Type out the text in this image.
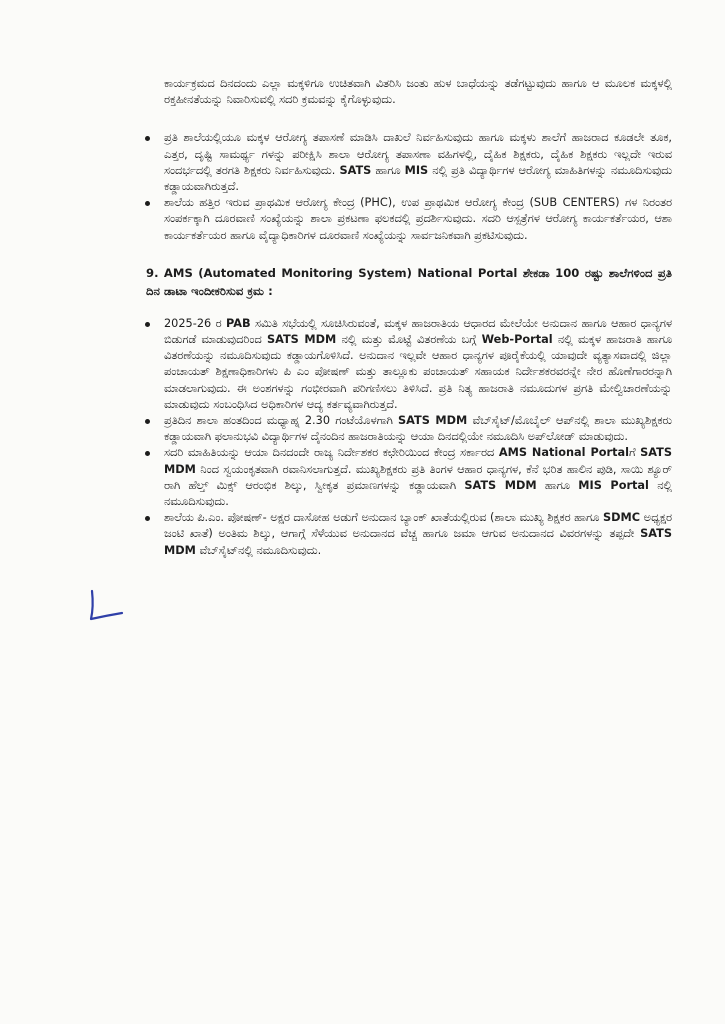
ಕಾರ್ಯಕ್ರಮದ ದಿನದಂದು ಎಲ್ಲಾ ಮಕ್ಕಳಿಗೂ ಉಚಿತವಾಗಿ ವಿತರಿಸಿ ಜಂತು ಹುಳ ಬಾಧೆಯನ್ನು ತಡೆಗಟ್ಟುವುದು ಹಾಗೂ ಆ ಮೂಲಕ ಮಕ್ಕಳಲ್ಲಿ ರಕ್ತಹೀನತೆಯನ್ನು ನಿವಾರಿಸುವಲ್ಲಿ ಸದರಿ ಕ್ರಮವನ್ನು ಕೈಗೊಳ್ಳುವುದು.

ಪ್ರತಿ ಶಾಲೆಯಲ್ಲಿಯೂ ಮಕ್ಕಳ ಆರೋಗ್ಯ ತಪಾಸಣೆ ಮಾಡಿಸಿ ದಾಖಲೆ ನಿರ್ವಹಿಸುವುದು ಹಾಗೂ ಮಕ್ಕಳು ಶಾಲೆಗೆ ಹಾಜರಾದ ಕೂಡಲೇ ತೂಕ, ಎತ್ತರ, ದೃಷ್ಟಿ ಸಾಮರ್ಥ್ಯ ಗಳನ್ನು ಪರೀಕ್ಷಿಸಿ ಶಾಲಾ ಆರೋಗ್ಯ ತಪಾಸಣಾ ವಹಿಗಳಲ್ಲಿ, ದೈಹಿಕ ಶಿಕ್ಷಕರು, ದೈಹಿಕ ಶಿಕ್ಷಕರು ಇಲ್ಲದೇ ಇರುವ ಸಂದರ್ಭದಲ್ಲಿ ತರಗತಿ ಶಿಕ್ಷಕರು ನಿರ್ವಹಿಸುವುದು. SATS ಹಾಗೂ MIS ನಲ್ಲಿ ಪ್ರತಿ ವಿದ್ಯಾರ್ಥಿಗಳ ಆರೋಗ್ಯ ಮಾಹಿತಿಗಳನ್ನು ನಮೂದಿಸುವುದು ಕಡ್ಡಾಯವಾಗಿರುತ್ತದೆ.
ಶಾಲೆಯ ಹತ್ತಿರ ಇರುವ ಪ್ರಾಥಮಿಕ ಆರೋಗ್ಯ ಕೇಂದ್ರ (PHC), ಉಪ ಪ್ರಾಥಮಿಕ ಆರೋಗ್ಯ ಕೇಂದ್ರ (SUB CENTERS) ಗಳ ನಿರಂತರ ಸಂಪರ್ಕಕ್ಕಾಗಿ ದೂರವಾಣಿ ಸಂಖ್ಯೆಯನ್ನು ಶಾಲಾ ಪ್ರಕಟಣಾ ಫಲಕದಲ್ಲಿ ಪ್ರದರ್ಶಿಸುವುದು. ಸದರಿ ಆಸ್ಪತ್ರೆಗಳ ಆರೋಗ್ಯ ಕಾರ್ಯಕರ್ತೆಯರ, ಆಶಾ ಕಾರ್ಯಕರ್ತೆಯರ ಹಾಗೂ ವೈದ್ಯಾಧಿಕಾರಿಗಳ ದೂರವಾಣಿ ಸಂಖ್ಯೆಯನ್ನು ಸಾರ್ವಜನಿಕವಾಗಿ ಪ್ರಕಟಿಸುವುದು.

9. AMS (Automated Monitoring System) National Portal ಶೇಕಡಾ 100 ರಷ್ಟು ಶಾಲೆಗಳಿಂದ ಪ್ರತಿ ದಿನ ಡಾಟಾ ಇಂದೀಕರಿಸುವ ಕ್ರಮ :

2025-26 ರ PAB ಸಮಿತಿ ಸಭೆಯಲ್ಲಿ ಸೂಚಿಸಿರುವಂತೆ, ಮಕ್ಕಳ ಹಾಜರಾತಿಯ ಆಧಾರದ ಮೇಲೆಯೇ ಅನುದಾನ ಹಾಗೂ ಆಹಾರ ಧಾನ್ಯಗಳ ಬಿಡುಗಡೆ ಮಾಡುವುದರಿಂದ SATS MDM ನಲ್ಲಿ ಮತ್ತು ಮೊಟ್ಟೆ ವಿತರಣೆಯ ಬಗ್ಗೆ Web-Portal ನಲ್ಲಿ ಮಕ್ಕಳ ಹಾಜರಾತಿ ಹಾಗೂ ವಿತರಣೆಯನ್ನು ನಮೂದಿಸುವುದು ಕಡ್ಡಾಯಗೊಳಿಸಿದೆ. ಅನುದಾನ ಇಲ್ಲವೇ ಆಹಾರ ಧಾನ್ಯಗಳ ಪೂರೈಕೆಯಲ್ಲಿ ಯಾವುದೇ ವ್ಯತ್ಯಾಸವಾದಲ್ಲಿ ಜಿಲ್ಲಾ ಪಂಚಾಯತ್ ಶಿಕ್ಷಣಾಧಿಕಾರಿಗಳು ಪಿ ಎಂ ಪೋಷಣ್ ಮತ್ತು ತಾಲ್ಲೂಕು ಪಂಚಾಯತ್ ಸಹಾಯಕ ನಿರ್ದೇಶಕರವರನ್ನೇ ನೇರ ಹೊಣೆಗಾರರನ್ನಾಗಿ ಮಾಡಲಾಗುವುದು. ಈ ಅಂಶಗಳನ್ನು ಗಂಭೀರವಾಗಿ ಪರಿಗಣಿಸಲು ತಿಳಿಸಿದೆ. ಪ್ರತಿ ನಿತ್ಯ ಹಾಜರಾತಿ ನಮೂದುಗಳ ಪ್ರಗತಿ ಮೇಲ್ವಿಚಾರಣೆಯನ್ನು ಮಾಡುವುದು ಸಂಬಂಧಿಸಿದ ಅಧಿಕಾರಿಗಳ ಆದ್ಯ ಕರ್ತವ್ಯವಾಗಿರುತ್ತದೆ.
ಪ್ರತಿದಿನ ಶಾಲಾ ಹಂತದಿಂದ ಮಧ್ಯಾಹ್ನ 2.30 ಗಂಟೆಯೊಳಗಾಗಿ SATS MDM ವೆಬ್‌ಸೈಟ್/ಮೊಬೈಲ್ ಆಪ್‌ನಲ್ಲಿ ಶಾಲಾ ಮುಖ್ಯಶಿಕ್ಷಕರು ಕಡ್ಡಾಯವಾಗಿ ಫಲಾನುಭವಿ ವಿದ್ಯಾರ್ಥಿಗಳ ದೈನಂದಿನ ಹಾಜರಾತಿಯನ್ನು ಆಯಾ ದಿನದಲ್ಲಿಯೇ ನಮೂದಿಸಿ ಅಪ್‌ಲೋಡ್ ಮಾಡುವುದು.
ಸದರಿ ಮಾಹಿತಿಯನ್ನು ಆಯಾ ದಿನದಂದೇ ರಾಜ್ಯ ನಿರ್ದೇಶಕರ ಕಛೇರಿಯಿಂದ ಕೇಂದ್ರ ಸರ್ಕಾರದ AMS National Portalಗೆ SATS MDM ನಿಂದ ಸ್ವಯಂಕೃತವಾಗಿ ರವಾನಿಸಲಾಗುತ್ತದೆ. ಮುಖ್ಯಶಿಕ್ಷಕರು ಪ್ರತಿ ತಿಂಗಳ ಆಹಾರ ಧಾನ್ಯಗಳ, ಕೆನೆ ಭರಿತ ಹಾಲಿನ ಪುಡಿ, ಸಾಯಿ ಶ್ಯೂರ್ ರಾಗಿ ಹೆಲ್ತ್ ಮಿಕ್ಸ್ ಆರಂಭಿಕ ಶಿಲ್ಕು, ಸ್ವೀಕೃತ ಪ್ರಮಾಣಗಳನ್ನು ಕಡ್ಡಾಯವಾಗಿ SATS MDM ಹಾಗೂ MIS Portal ನಲ್ಲಿ ನಮೂದಿಸುವುದು.
ಶಾಲೆಯ ಪಿ.ಎಂ. ಪೋಷಣ್- ಅಕ್ಷರ ದಾಸೋಹ ಅಡುಗೆ ಅನುದಾನ ಬ್ಯಾಂಕ್ ಖಾತೆಯಲ್ಲಿರುವ (ಶಾಲಾ ಮುಖ್ಯ ಶಿಕ್ಷಕರ ಹಾಗೂ SDMC ಅಧ್ಯಕ್ಷರ ಜಂಟಿ ಖಾತೆ) ಅಂತಿಮ ಶಿಲ್ಕು, ಆಗಾಗ್ಗೆ ಸೆಳೆಯುವ ಅನುದಾನದ ವೆಚ್ಚ ಹಾಗೂ ಜಮಾ ಆಗುವ ಅನುದಾನದ ವಿವರಗಳನ್ನು ತಪ್ಪದೇ SATS MDM ವೆಬ್‌ಸೈಟ್‌ನಲ್ಲಿ ನಮೂದಿಸುವುದು.
